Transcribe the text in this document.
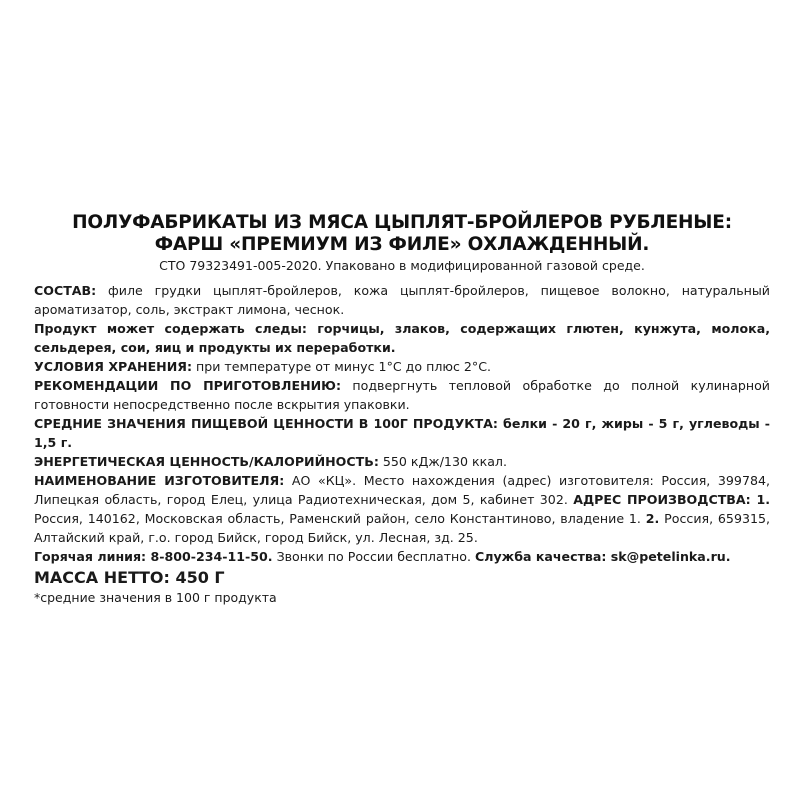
ПОЛУФАБРИКАТЫ ИЗ МЯСА ЦЫПЛЯТ-БРОЙЛЕРОВ РУБЛЕНЫЕ:
ФАРШ «ПРЕМИУМ ИЗ ФИЛЕ» ОХЛАЖДЕННЫЙ.
СТО 79323491-005-2020. Упаковано в модифицированной газовой среде.
СОСТАВ: филе грудки цыплят-бройлеров, кожа цыплят-бройлеров, пищевое волокно, натуральный ароматизатор, соль, экстракт лимона, чеснок.
Продукт может содержать следы: горчицы, злаков, содержащих глютен, кунжута, молока, сельдерея, сои, яиц и продукты их переработки.
УСЛОВИЯ ХРАНЕНИЯ: при температуре от минус 1°С до плюс 2°С.
РЕКОМЕНДАЦИИ ПО ПРИГОТОВЛЕНИЮ: подвергнуть тепловой обработке до полной кулинарной готовности непосредственно после вскрытия упаковки.
СРЕДНИЕ ЗНАЧЕНИЯ ПИЩЕВОЙ ЦЕННОСТИ В 100Г ПРОДУКТА: белки - 20 г, жиры - 5 г, углеводы - 1,5 г.
ЭНЕРГЕТИЧЕСКАЯ ЦЕННОСТЬ/КАЛОРИЙНОСТЬ: 550 кДж/130 ккал.
НАИМЕНОВАНИЕ ИЗГОТОВИТЕЛЯ: АО «КЦ». Место нахождения (адрес) изготовителя: Россия, 399784, Липецкая область, город Елец, улица Радиотехническая, дом 5, кабинет 302. АДРЕС ПРОИЗВОДСТВА: 1. Россия, 140162, Московская область, Раменский район, село Константиново, владение 1. 2. Россия, 659315, Алтайский край, г.о. город Бийск, город Бийск, ул. Лесная, зд. 25.
Горячая линия: 8-800-234-11-50. Звонки по России бесплатно. Служба качества: sk@petelinka.ru.
МАССА НЕТТО: 450 Г
*средние значения в 100 г продукта
